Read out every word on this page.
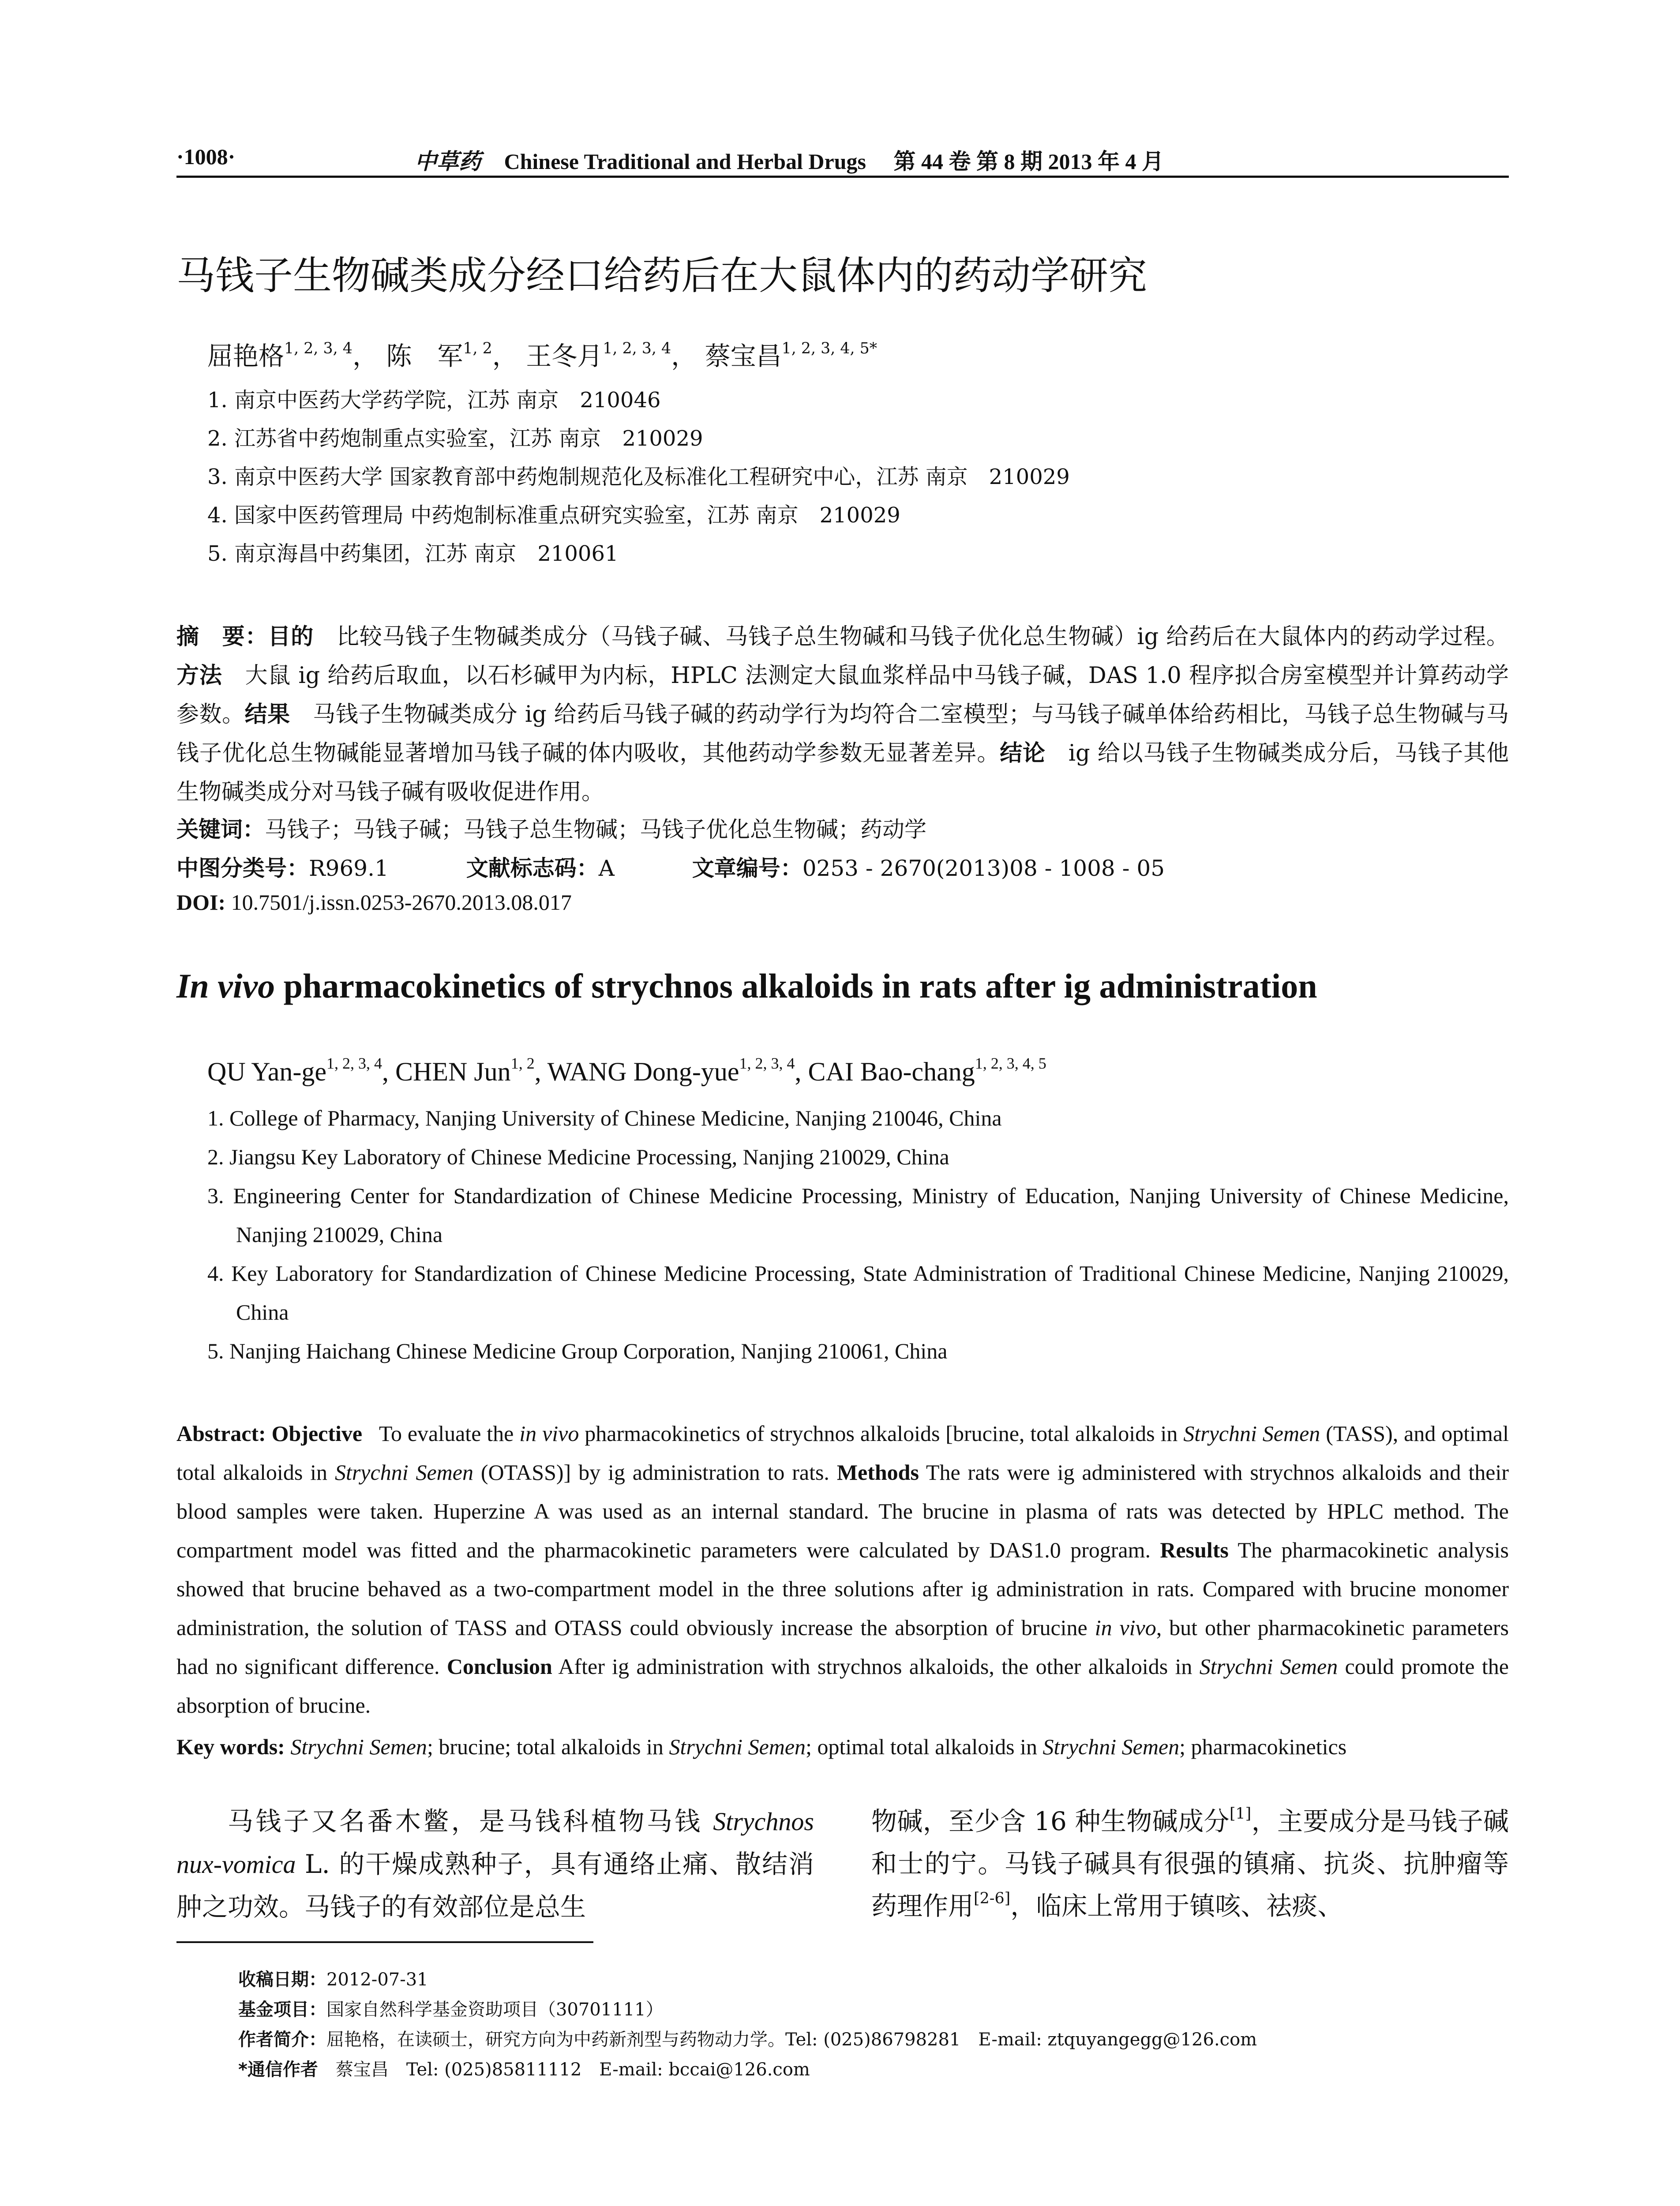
·1008·	中草药 Chinese Traditional and Herbal Drugs 第 44 卷 第 8 期 2013 年 4 月
马钱子生物碱类成分经口给药后在大鼠体内的药动学研究
屈艳格$^{1, 2, 3, 4}$， 陈　军$^{1, 2}$， 王冬月$^{1, 2, 3, 4}$， 蔡宝昌$^{1, 2, 3, 4, 5*}$
1. 南京中医药大学药学院，江苏 南京　210046
2. 江苏省中药炮制重点实验室，江苏 南京　210029
3. 南京中医药大学 国家教育部中药炮制规范化及标准化工程研究中心，江苏 南京　210029
4. 国家中医药管理局 中药炮制标准重点研究实验室，江苏 南京　210029
5. 南京海昌中药集团，江苏 南京　210061
摘　要：目的　比较马钱子生物碱类成分（马钱子碱、马钱子总生物碱和马钱子优化总生物碱）ig 给药后在大鼠体内的药动学过程。方法　大鼠 ig 给药后取血，以石杉碱甲为内标，HPLC 法测定大鼠血浆样品中马钱子碱，DAS 1.0 程序拟合房室模型并计算药动学参数。结果　马钱子生物碱类成分 ig 给药后马钱子碱的药动学行为均符合二室模型；与马钱子碱单体给药相比，马钱子总生物碱与马钱子优化总生物碱能显著增加马钱子碱的体内吸收，其他药动学参数无显著差异。结论　ig 给以马钱子生物碱类成分后，马钱子其他生物碱类成分对马钱子碱有吸收促进作用。
关键词：马钱子；马钱子碱；马钱子总生物碱；马钱子优化总生物碱；药动学
中图分类号：R969.1	文献标志码：A	文章编号：0253 - 2670(2013)08 - 1008 - 05
DOI: 10.7501/j.issn.0253-2670.2013.08.017
In vivo pharmacokinetics of strychnos alkaloids in rats after ig administration
QU Yan-ge$^{1, 2, 3, 4}$, CHEN Jun$^{1, 2}$, WANG Dong-yue$^{1, 2, 3, 4}$, CAI Bao-chang$^{1, 2, 3, 4, 5}$
1. College of Pharmacy, Nanjing University of Chinese Medicine, Nanjing 210046, China
2. Jiangsu Key Laboratory of Chinese Medicine Processing, Nanjing 210029, China
3. Engineering Center for Standardization of Chinese Medicine Processing, Ministry of Education, Nanjing University of Chinese Medicine, Nanjing 210029, China
4. Key Laboratory for Standardization of Chinese Medicine Processing, State Administration of Traditional Chinese Medicine, Nanjing 210029, China
5. Nanjing Haichang Chinese Medicine Group Corporation, Nanjing 210061, China
Abstract: Objective To evaluate the in vivo pharmacokinetics of strychnos alkaloids [brucine, total alkaloids in Strychni Semen (TASS), and optimal total alkaloids in Strychni Semen (OTASS)] by ig administration to rats. Methods The rats were ig administered with strychnos alkaloids and their blood samples were taken. Huperzine A was used as an internal standard. The brucine in plasma of rats was detected by HPLC method. The compartment model was fitted and the pharmacokinetic parameters were calculated by DAS1.0 program. Results The pharmacokinetic analysis showed that brucine behaved as a two-compartment model in the three solutions after ig administration in rats. Compared with brucine monomer administration, the solution of TASS and OTASS could obviously increase the absorption of brucine in vivo, but other pharmacokinetic parameters had no significant difference. Conclusion After ig administration with strychnos alkaloids, the other alkaloids in Strychni Semen could promote the absorption of brucine.
Key words: Strychni Semen; brucine; total alkaloids in Strychni Semen; optimal total alkaloids in Strychni Semen; pharmacokinetics
马钱子又名番木鳖，是马钱科植物马钱 Strychnos nux-vomica L. 的干燥成熟种子，具有通络止痛、散结消肿之功效。马钱子的有效部位是总生
物碱，至少含 16 种生物碱成分[1]，主要成分是马钱子碱和士的宁。马钱子碱具有很强的镇痛、抗炎、抗肿瘤等药理作用[2-6]，临床上常用于镇咳、祛痰、
收稿日期：2012-07-31
基金项目：国家自然科学基金资助项目（30701111）
作者简介：屈艳格，在读硕士，研究方向为中药新剂型与药物动力学。Tel: (025)86798281　E-mail: ztquyangegg@126.com
*通信作者　蔡宝昌　Tel: (025)85811112　E-mail: bccai@126.com
